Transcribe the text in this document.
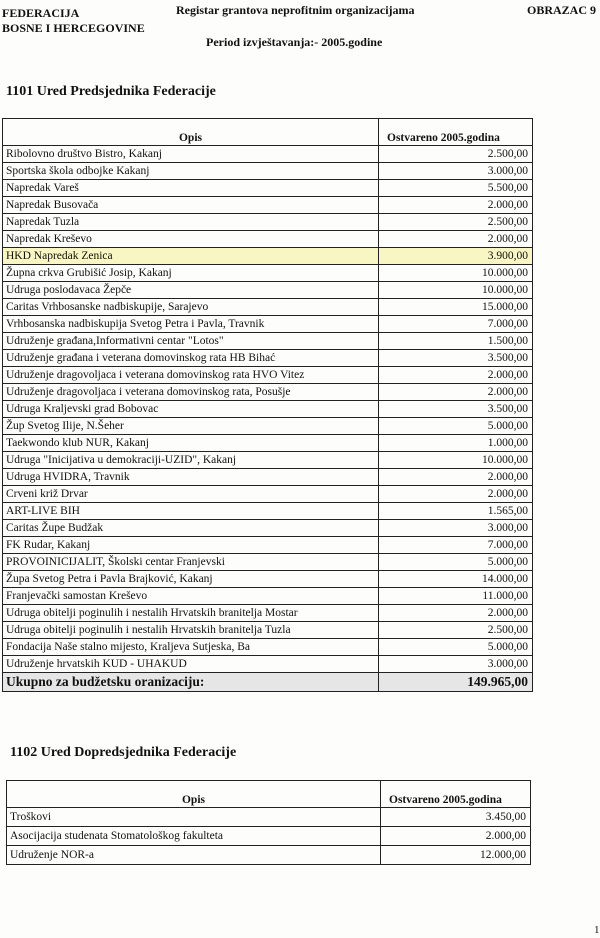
FEDERACIJA
BOSNE I HERCEGOVINE
Registar grantova neprofitnim organizacijama	OBRAZAC 9
Period izvještavanja:- 2005.godine
1101 Ured Predsjednika Federacije
Opis	Ostvareno 2005.godina
Ribolovno društvo Bistro, Kakanj	2.500,00
Sportska škola odbojke Kakanj	3.000,00
Napredak Vareš	5.500,00
Napredak Busovača	2.000,00
Napredak Tuzla	2.500,00
Napredak Kreševo	2.000,00
HKD Napredak Zenica	3.900,00
Župna crkva Grubišić Josip, Kakanj	10.000,00
Udruga poslodavaca Žepče	10.000,00
Caritas Vrhbosanske nadbiskupije, Sarajevo	15.000,00
Vrhbosanska nadbiskupija Svetog Petra i Pavla, Travnik	7.000,00
Udruženje građana,Informativni centar "Lotos"	1.500,00
Udruženje građana i veterana domovinskog rata HB Bihać	3.500,00
Udruženje dragovoljaca i veterana domovinskog rata HVO Vitez	2.000,00
Udruženje dragovoljaca i veterana domovinskog rata, Posušje	2.000,00
Udruga Kraljevski grad Bobovac	3.500,00
Žup Svetog Ilije, N.Šeher	5.000,00
Taekwondo klub NUR, Kakanj	1.000,00
Udruga "Inicijativa u demokraciji-UZID", Kakanj	10.000,00
Udruga HVIDRA, Travnik	2.000,00
Crveni križ Drvar	2.000,00
ART-LIVE BIH	1.565,00
Caritas Župe Budžak	3.000,00
FK Rudar, Kakanj	7.000,00
PROVOINICIJALIT, Školski centar Franjevski	5.000,00
Župa Svetog Petra i Pavla Brajković, Kakanj	14.000,00
Franjevački samostan Kreševo	11.000,00
Udruga obitelji poginulih i nestalih Hrvatskih branitelja Mostar	2.000,00
Udruga obitelji poginulih i nestalih Hrvatskih branitelja Tuzla	2.500,00
Fondacija Naše stalno mijesto, Kraljeva Sutjeska, Ba	5.000,00
Udruženje hrvatskih KUD - UHAKUD	3.000,00
Ukupno za budžetsku oranizaciju:	149.965,00
1102 Ured Dopredsjednika Federacije
Opis	Ostvareno 2005.godina
Troškovi	3.450,00
Asocijacija studenata Stomatološkog fakulteta	2.000,00
Udruženje NOR-a	12.000,00
1
